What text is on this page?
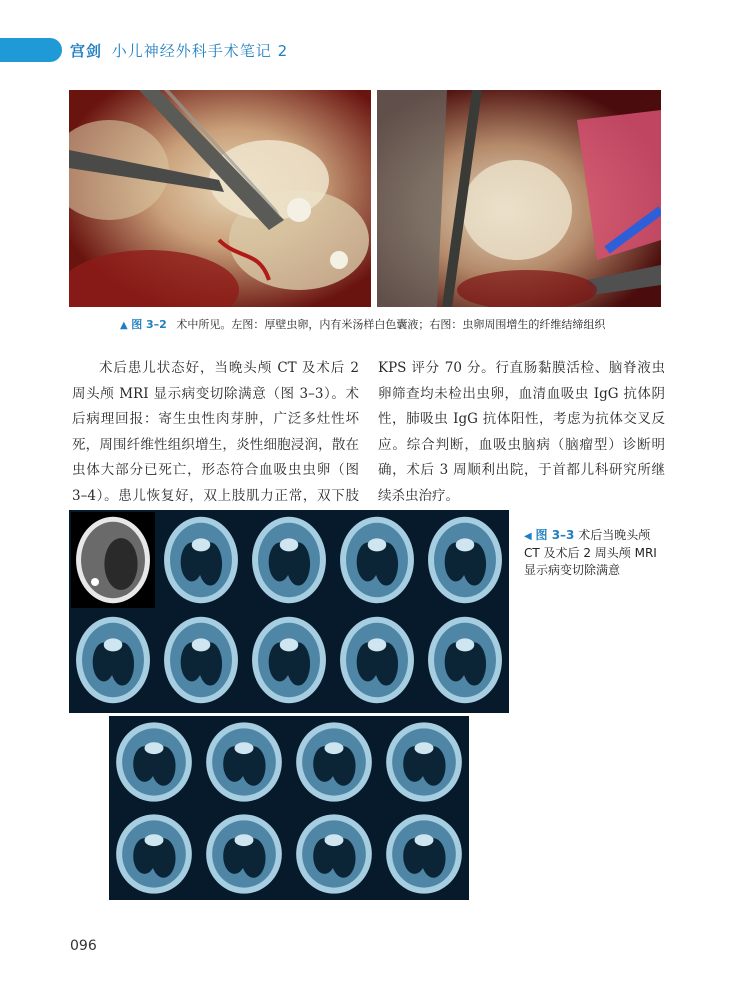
宫剑 小儿神经外科手术笔记 2
▲ 图 3–2 术中所见。左图：厚壁虫卵，内有米汤样白色囊液；右图：虫卵周围增生的纤维结缔组织
术后患儿状态好，当晚头颅 CT 及术后 2 周头颅 MRI 显示病变切除满意（图 3–3）。术后病理回报：寄生虫性肉芽肿，广泛多灶性坏死，周围纤维性组织增生，炎性细胞浸润，散在虫体大部分已死亡，形态符合血吸虫虫卵（图 3–4）。患儿恢复好，双上肢肌力正常，双下肢
KPS 评分 70 分。行直肠黏膜活检、脑脊液虫卵筛查均未检出虫卵，血清血吸虫 IgG 抗体阴性，肺吸虫 IgG 抗体阳性，考虑为抗体交叉反应。综合判断，血吸虫脑病（脑瘤型）诊断明确，术后 3 周顺利出院，于首都儿科研究所继续杀虫治疗。
◀ 图 3–3 术后当晚头颅 CT 及术后 2 周头颅 MRI 显示病变切除满意
096
